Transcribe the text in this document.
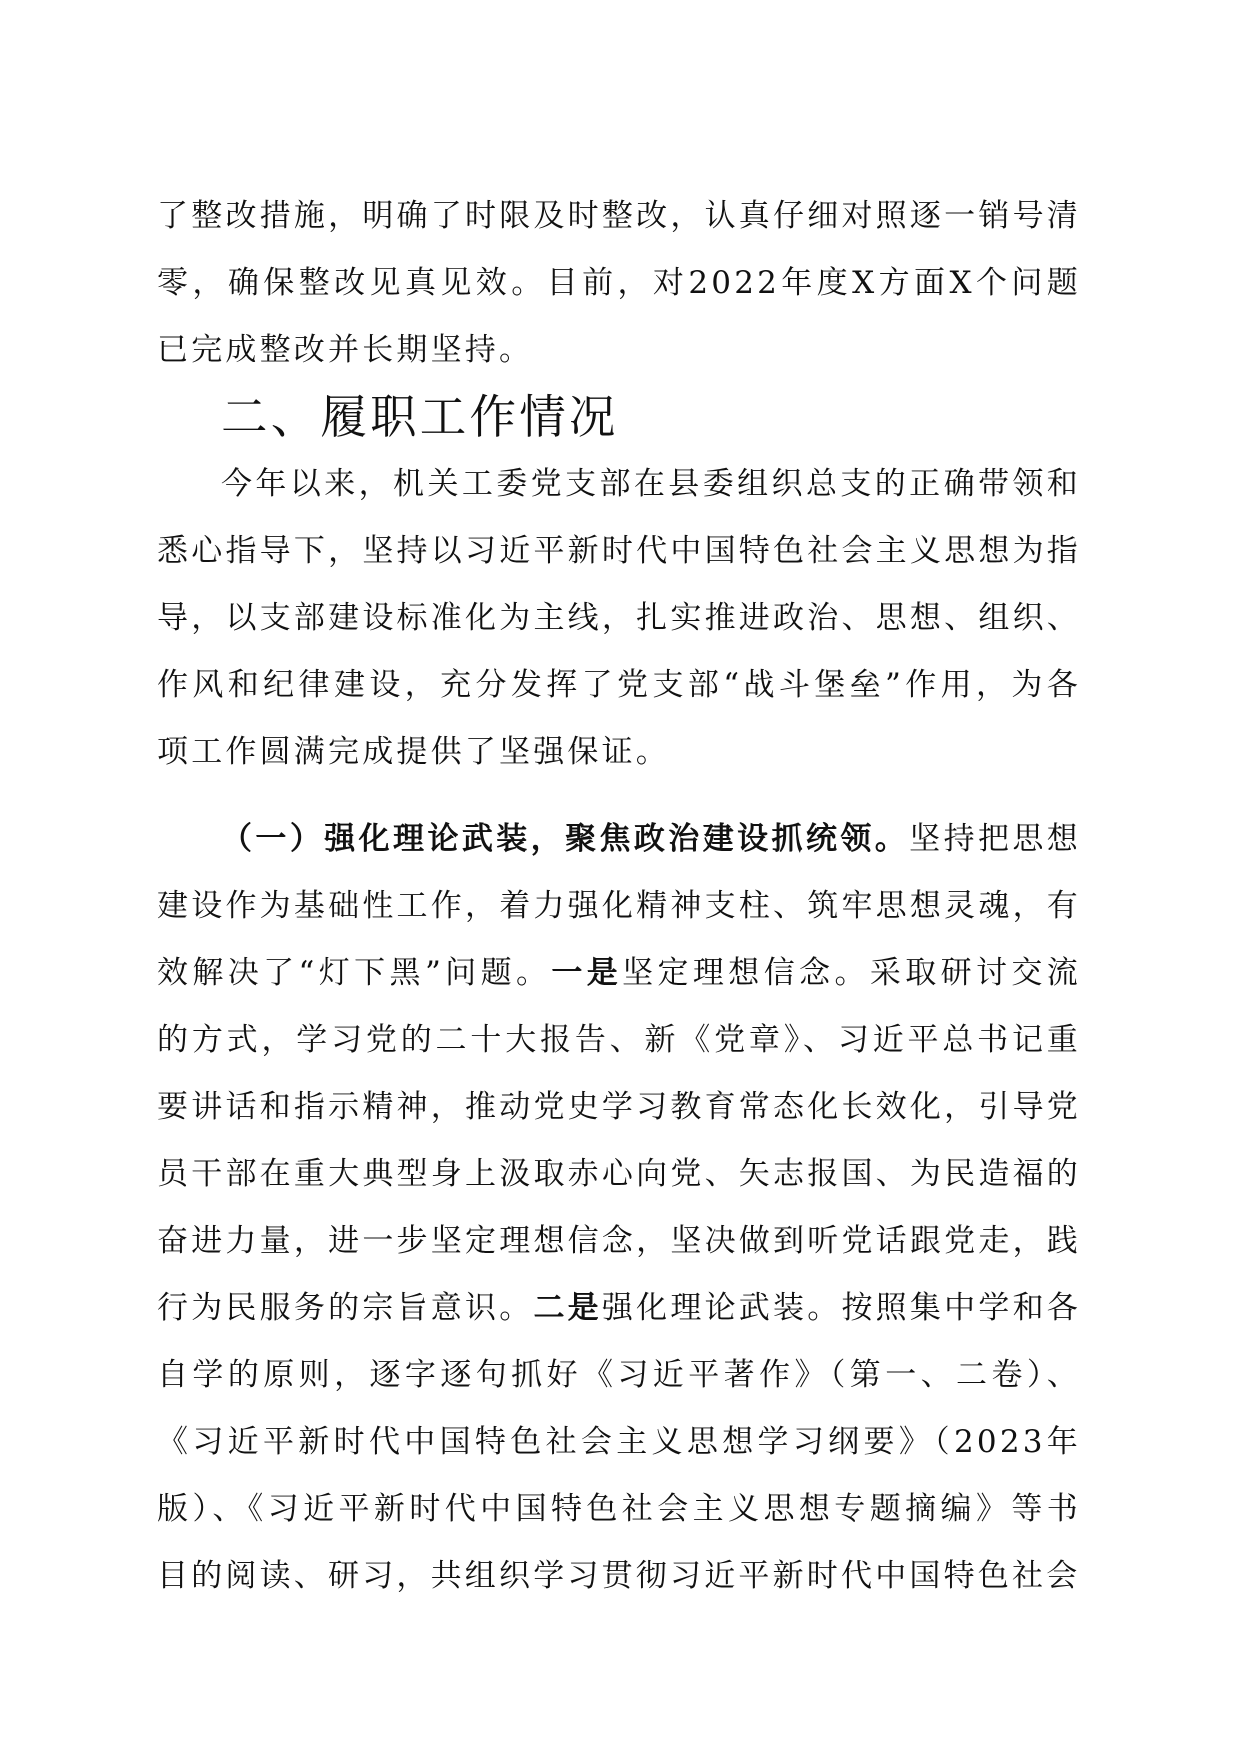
了整改措施，明确了时限及时整改，认真仔细对照逐一销号清零，确保整改见真见效。目前，对2022年度X方面X个问题已完成整改并长期坚持。

二、履职工作情况

今年以来，机关工委党支部在县委组织总支的正确带领和悉心指导下，坚持以习近平新时代中国特色社会主义思想为指导，以支部建设标准化为主线，扎实推进政治、思想、组织、作风和纪律建设，充分发挥了党支部“战斗堡垒”作用，为各项工作圆满完成提供了坚强保证。

（一）强化理论武装，聚焦政治建设抓统领。坚持把思想建设作为基础性工作，着力强化精神支柱、筑牢思想灵魂，有效解决了“灯下黑”问题。一是坚定理想信念。采取研讨交流的方式，学习党的二十大报告、新《党章》、习近平总书记重要讲话和指示精神，推动党史学习教育常态化长效化，引导党员干部在重大典型身上汲取赤心向党、矢志报国、为民造福的奋进力量，进一步坚定理想信念，坚决做到听党话跟党走，践行为民服务的宗旨意识。二是强化理论武装。按照集中学和各自学的原则，逐字逐句抓好《习近平著作》（第一、二卷）、《习近平新时代中国特色社会主义思想学习纲要》（2023年版）、《习近平新时代中国特色社会主义思想专题摘编》等书目的阅读、研习，共组织学习贯彻习近平新时代中国特色社会
